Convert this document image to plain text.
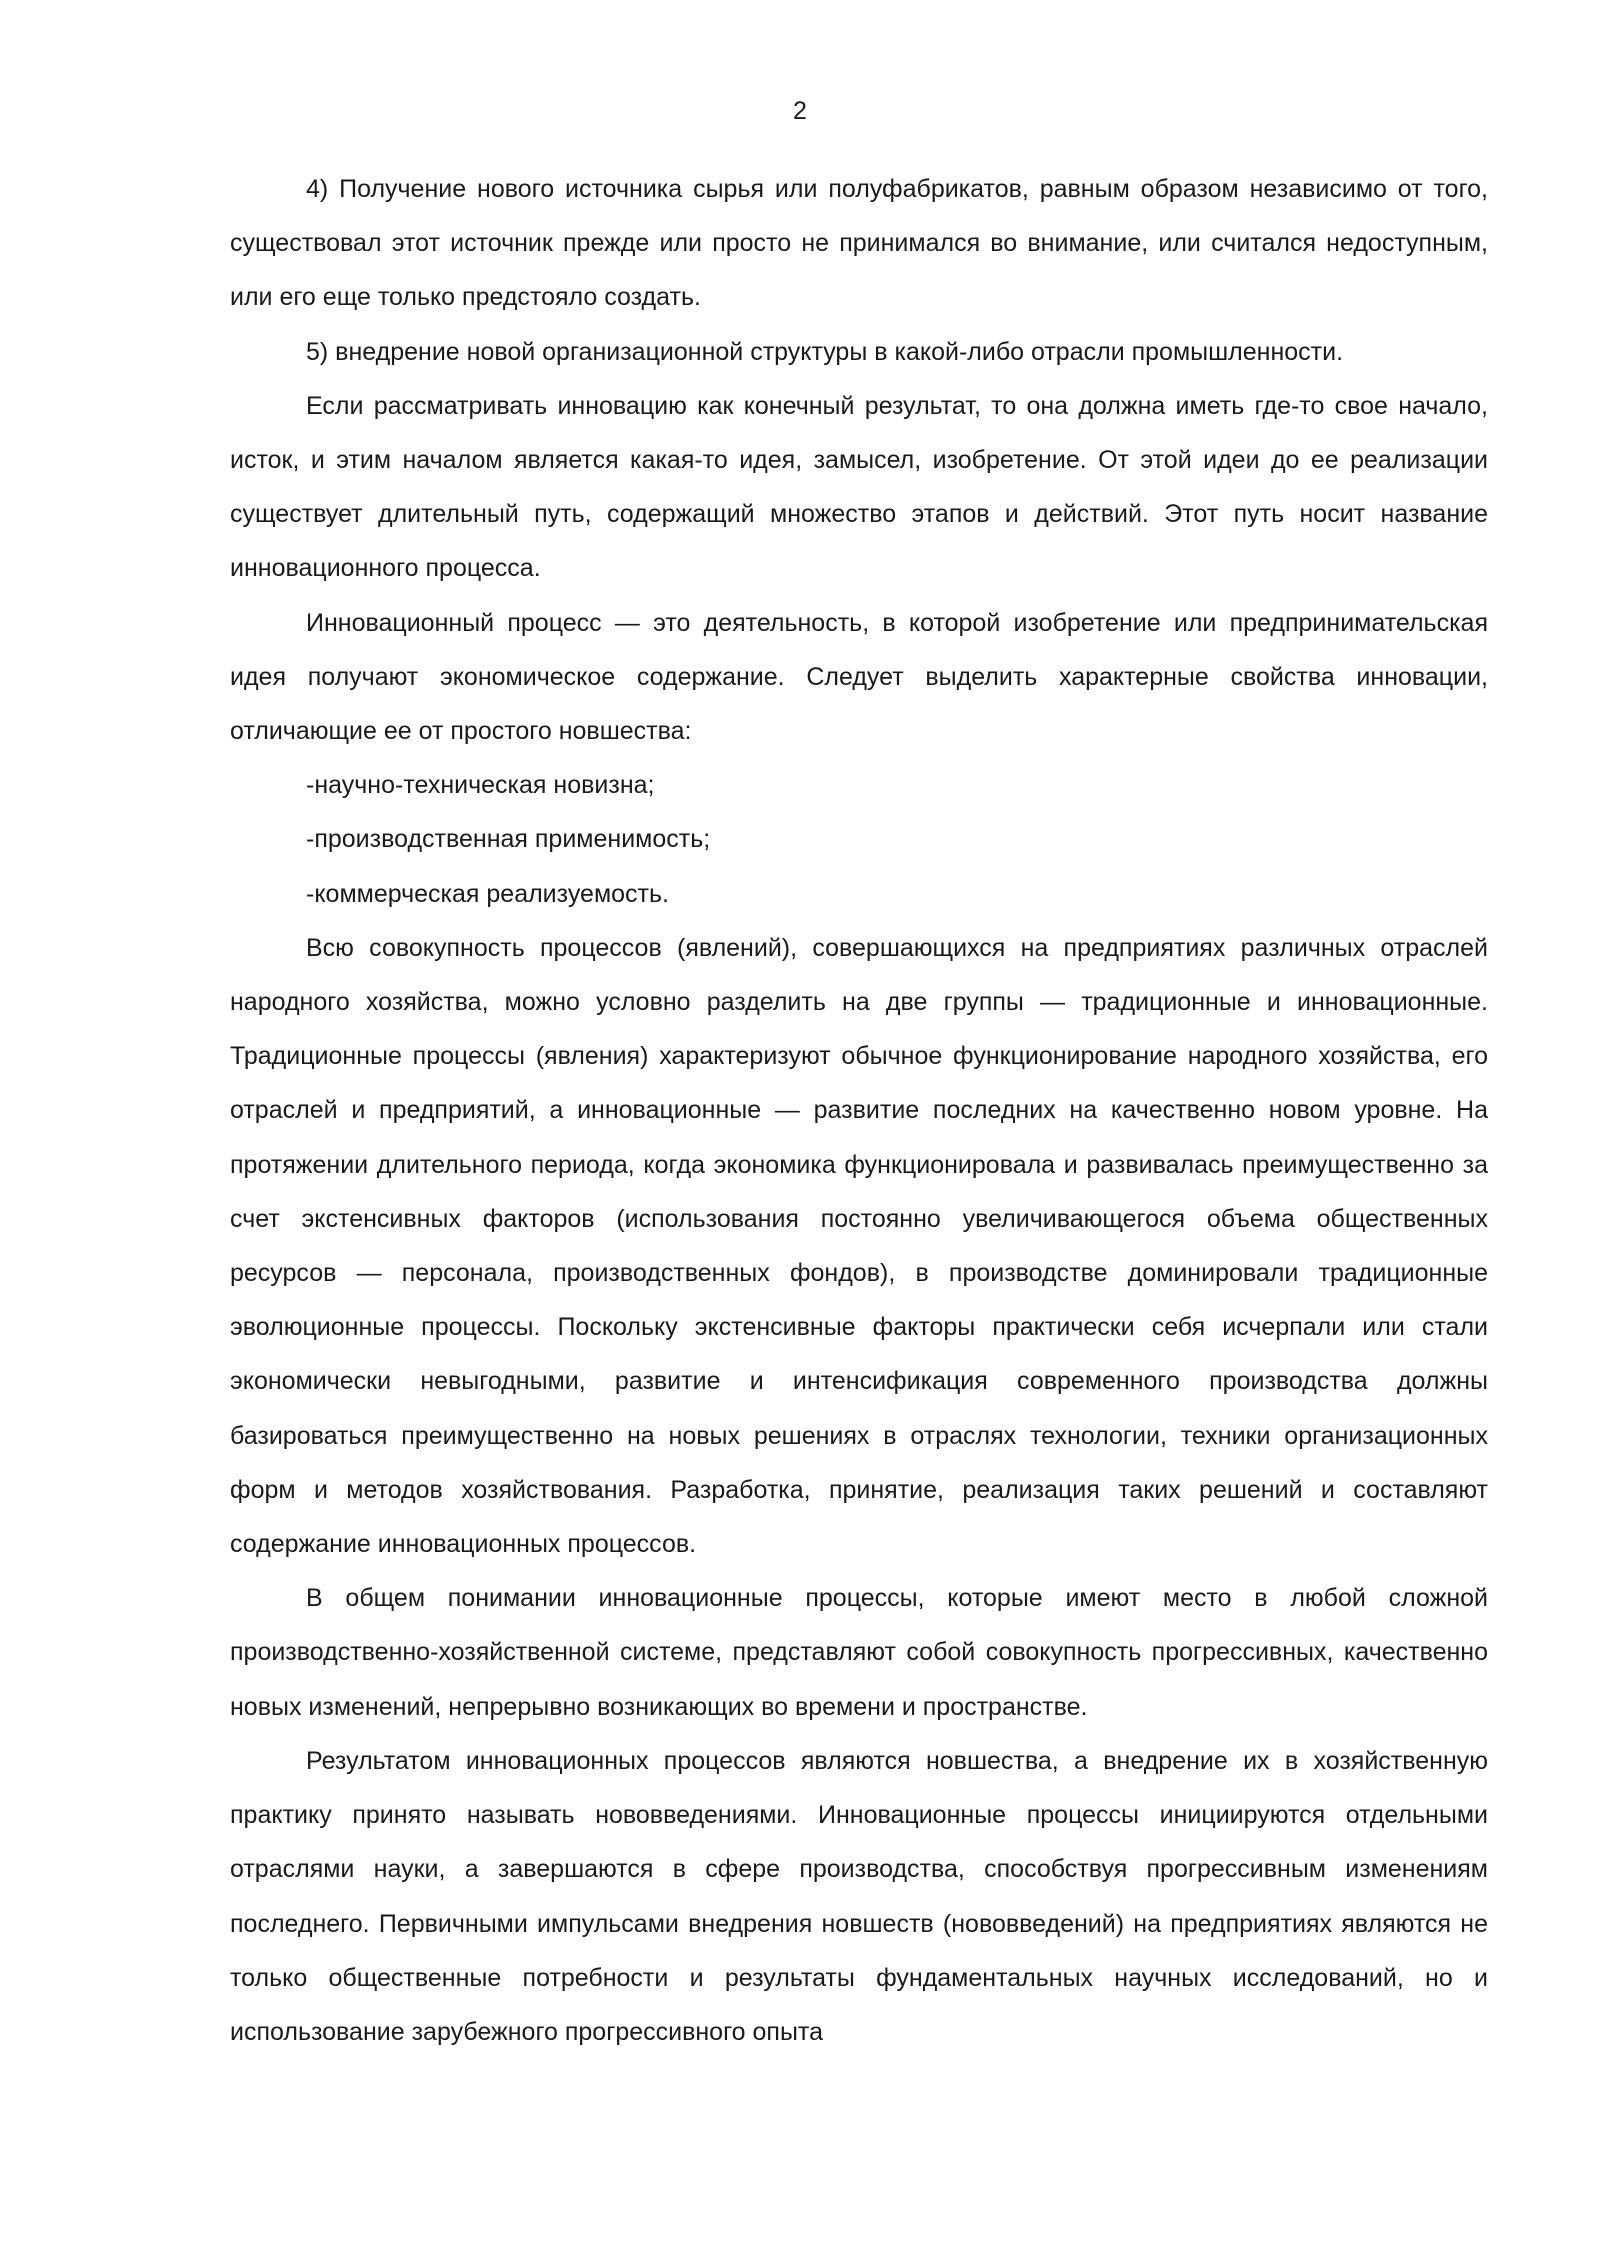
2

4) Получение нового источника сырья или полуфабрикатов, равным образом независимо от того, существовал этот источник прежде или просто не принимался во внимание, или считался недоступным, или его еще только предстояло создать.

5) внедрение новой организационной структуры в какой-либо отрасли промышленности.

Если рассматривать инновацию как конечный результат, то она должна иметь где-то свое начало, исток, и этим началом является какая-то идея, замысел, изобретение. От этой идеи до ее реализации существует длительный путь, содержащий множество этапов и действий. Этот путь носит название инновационного процесса.

Инновационный процесс — это деятельность, в которой изобретение или предпринимательская идея получают экономическое содержание. Следует выделить характерные свойства инновации, отличающие ее от простого новшества:

-научно-техническая новизна;

-производственная применимость;

-коммерческая реализуемость.

Всю совокупность процессов (явлений), совершающихся на предприятиях различных отраслей народного хозяйства, можно условно разделить на две группы — традиционные и инновационные. Традиционные процессы (явления) характеризуют обычное функционирование народного хозяйства, его отраслей и предприятий, а инновационные — развитие последних на качественно новом уровне. На протяжении длительного периода, когда экономика функционировала и развивалась преимущественно за счет экстенсивных факторов (использования постоянно увеличивающегося объема общественных ресурсов — персонала, производственных фондов), в производстве доминировали традиционные эволюционные процессы. Поскольку экстенсивные факторы практически себя исчерпали или стали экономически невыгодными, развитие и интенсификация современного производства должны базироваться преимущественно на новых решениях в отраслях технологии, техники организационных форм и методов хозяйствования. Разработка, принятие, реализация таких решений и составляют содержание инновационных процессов.

В общем понимании инновационные процессы, которые имеют место в любой сложной производственно-хозяйственной системе, представляют собой совокупность прогрессивных, качественно новых изменений, непрерывно возникающих во времени и пространстве.

Результатом инновационных процессов являются новшества, а внедрение их в хозяйственную практику принято называть нововведениями. Инновационные процессы инициируются отдельными отраслями науки, а завершаются в сфере производства, способствуя прогрессивным изменениям последнего. Первичными импульсами внедрения новшеств (нововведений) на предприятиях являются не только общественные потребности и результаты фундаментальных научных исследований, но и использование зарубежного прогрессивного опыта
